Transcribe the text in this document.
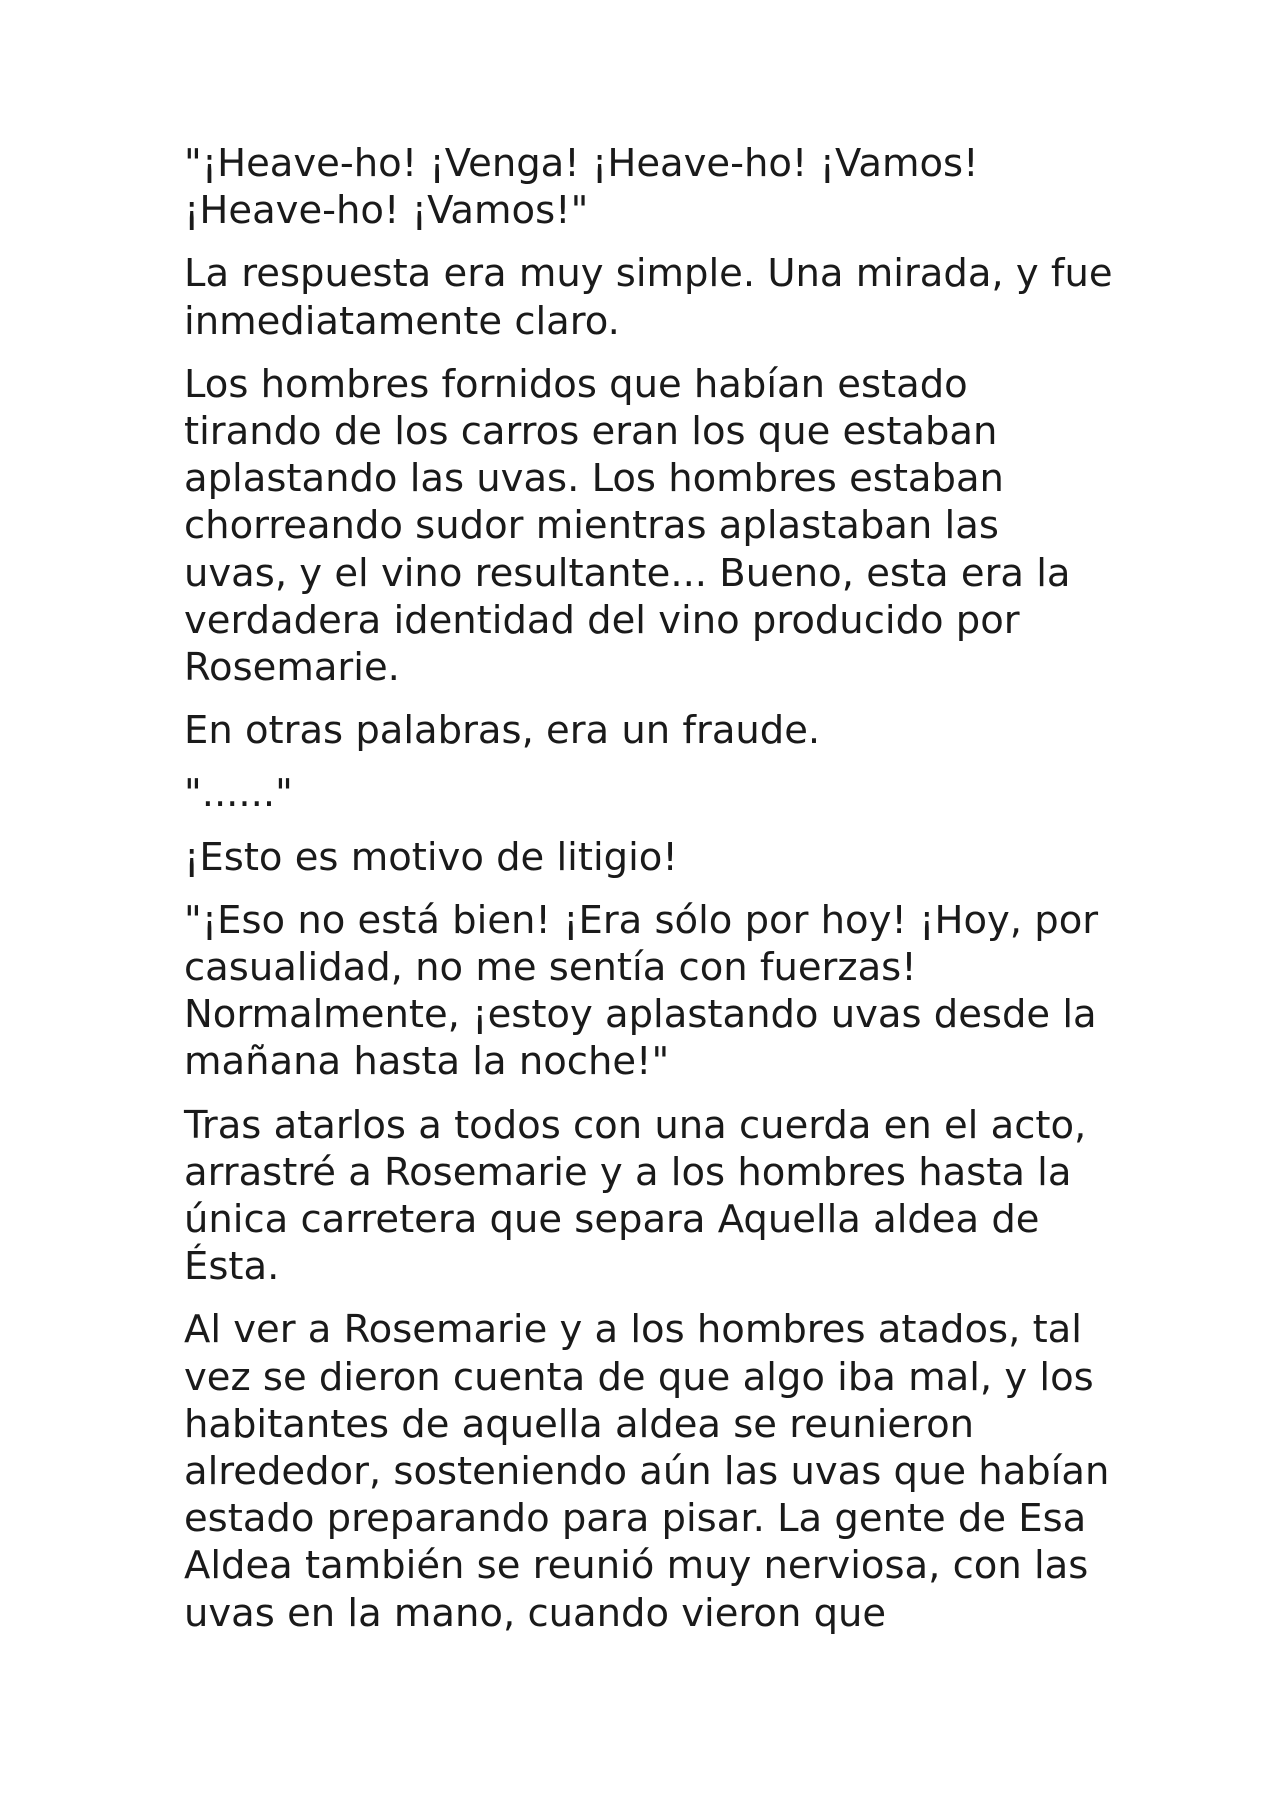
"¡Heave-ho! ¡Venga! ¡Heave-ho! ¡Vamos! ¡Heave-ho! ¡Vamos!"

La respuesta era muy simple. Una mirada, y fue inmediatamente claro.

Los hombres fornidos que habían estado tirando de los carros eran los que estaban aplastando las uvas. Los hombres estaban chorreando sudor mientras aplastaban las uvas, y el vino resultante... Bueno, esta era la verdadera identidad del vino producido por Rosemarie.

En otras palabras, era un fraude.

"......"

¡Esto es motivo de litigio!

"¡Eso no está bien! ¡Era sólo por hoy! ¡Hoy, por casualidad, no me sentía con fuerzas! Normalmente, ¡estoy aplastando uvas desde la mañana hasta la noche!"

Tras atarlos a todos con una cuerda en el acto, arrastré a Rosemarie y a los hombres hasta la única carretera que separa Aquella aldea de Ésta.

Al ver a Rosemarie y a los hombres atados, tal vez se dieron cuenta de que algo iba mal, y los habitantes de aquella aldea se reunieron alrededor, sosteniendo aún las uvas que habían estado preparando para pisar. La gente de Esa Aldea también se reunió muy nerviosa, con las uvas en la mano, cuando vieron que
